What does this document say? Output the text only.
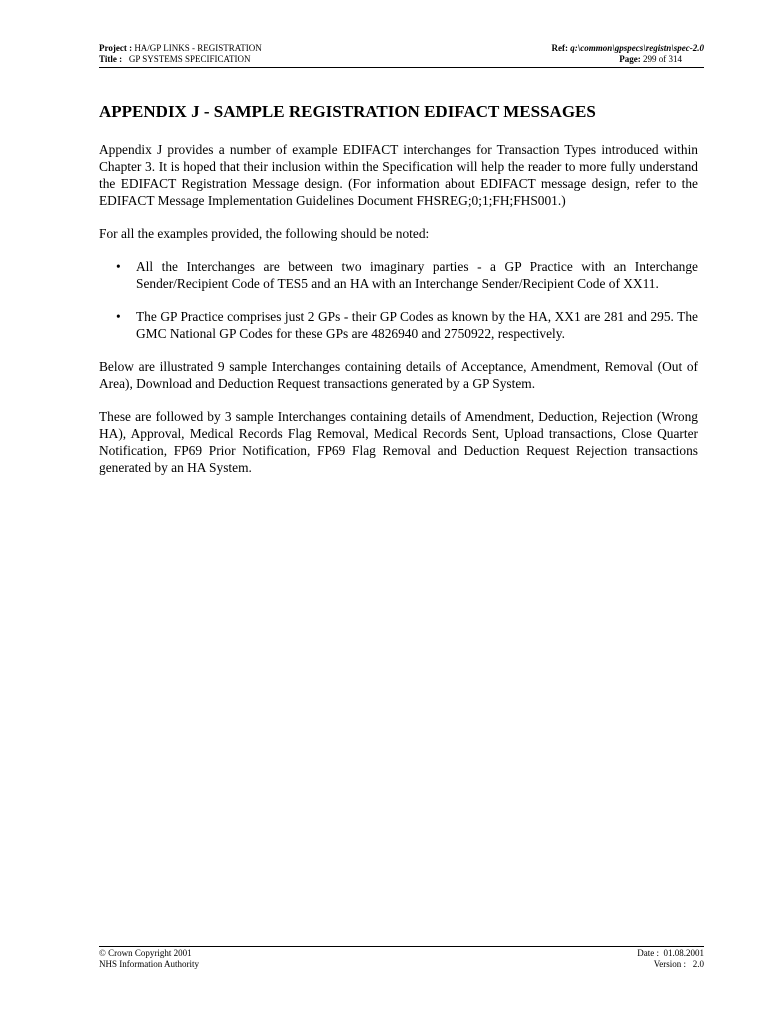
Project : HA/GP LINKS - REGISTRATION	Ref: q:\common\gpspecs\registn\spec-2.0
Title : GP SYSTEMS SPECIFICATION	Page: 299 of 314
APPENDIX J - SAMPLE REGISTRATION EDIFACT MESSAGES

Appendix J provides a number of example EDIFACT interchanges for Transaction Types introduced within Chapter 3. It is hoped that their inclusion within the Specification will help the reader to more fully understand the EDIFACT Registration Message design. (For information about EDIFACT message design, refer to the EDIFACT Message Implementation Guidelines Document FHSREG;0;1;FH;FHS001.)

For all the examples provided, the following should be noted:

• All the Interchanges are between two imaginary parties - a GP Practice with an Interchange Sender/Recipient Code of TES5 and an HA with an Interchange Sender/Recipient Code of XX11.
• The GP Practice comprises just 2 GPs - their GP Codes as known by the HA, XX1 are 281 and 295. The GMC National GP Codes for these GPs are 4826940 and 2750922, respectively.

Below are illustrated 9 sample Interchanges containing details of Acceptance, Amendment, Removal (Out of Area), Download and Deduction Request transactions generated by a GP System.

These are followed by 3 sample Interchanges containing details of Amendment, Deduction, Rejection (Wrong HA), Approval, Medical Records Flag Removal, Medical Records Sent, Upload transactions, Close Quarter Notification, FP69 Prior Notification, FP69 Flag Removal and Deduction Request Rejection transactions generated by an HA System.

© Crown Copyright 2001	Date : 01.08.2001
NHS Information Authority	Version : 2.0
